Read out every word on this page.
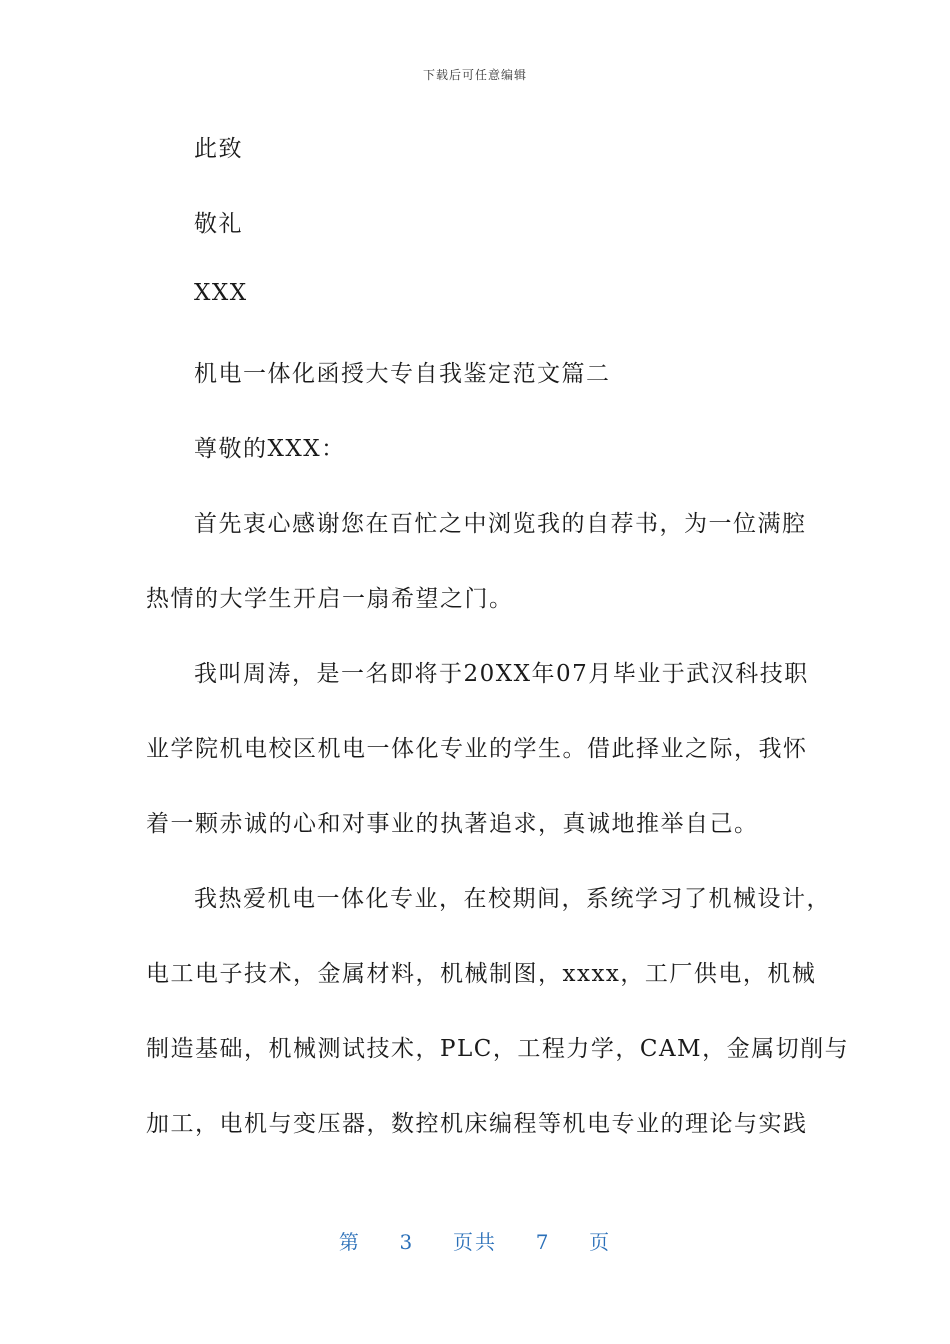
下载后可任意编辑
此致
敬礼
XXX
机电一体化函授大专自我鉴定范文篇二
尊敬的XXX：
首先衷心感谢您在百忙之中浏览我的自荐书，为一位满腔
热情的大学生开启一扇希望之门。
我叫周涛，是一名即将于20XX年07月毕业于武汉科技职
业学院机电校区机电一体化专业的学生。借此择业之际，我怀
着一颗赤诚的心和对事业的执著追求，真诚地推举自己。
我热爱机电一体化专业，在校期间，系统学习了机械设计，
电工电子技术，金属材料，机械制图，xxxx，工厂供电，机械
制造基础，机械测试技术，PLC，工程力学，CAM，金属切削与
加工，电机与变压器，数控机床编程等机电专业的理论与实践
第 3 页共 7 页
